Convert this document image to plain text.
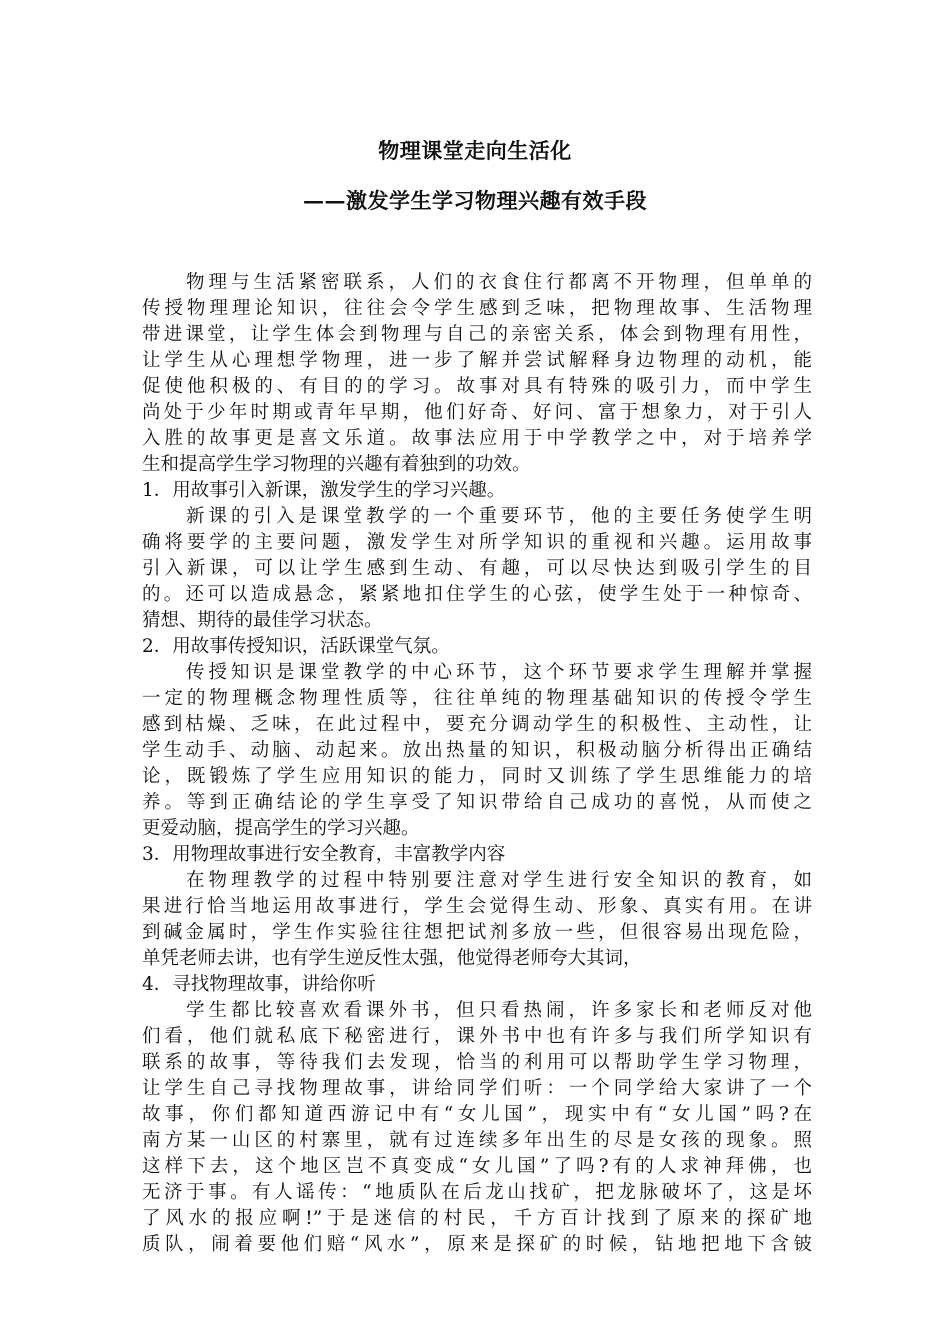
物理课堂走向生活化
——激发学生学习物理兴趣有效手段
物理与生活紧密联系，人们的衣食住行都离不开物理，但单单的
传授物理理论知识，往往会令学生感到乏味，把物理故事、生活物理
带进课堂，让学生体会到物理与自己的亲密关系，体会到物理有用性，
让学生从心理想学物理，进一步了解并尝试解释身边物理的动机，能
促使他积极的、有目的的学习。故事对具有特殊的吸引力，而中学生
尚处于少年时期或青年早期，他们好奇、好问、富于想象力，对于引人
入胜的故事更是喜文乐道。故事法应用于中学教学之中，对于培养学
生和提高学生学习物理的兴趣有着独到的功效。
1．用故事引入新课，激发学生的学习兴趣。
新课的引入是课堂教学的一个重要环节，他的主要任务使学生明
确将要学的主要问题，激发学生对所学知识的重视和兴趣。运用故事
引入新课，可以让学生感到生动、有趣，可以尽快达到吸引学生的目
的。还可以造成悬念，紧紧地扣住学生的心弦，使学生处于一种惊奇、
猜想、期待的最佳学习状态。
2．用故事传授知识，活跃课堂气氛。
传授知识是课堂教学的中心环节，这个环节要求学生理解并掌握
一定的物理概念物理性质等，往往单纯的物理基础知识的传授令学生
感到枯燥、乏味，在此过程中，要充分调动学生的积极性、主动性，让
学生动手、动脑、动起来。放出热量的知识，积极动脑分析得出正确结
论，既锻炼了学生应用知识的能力，同时又训练了学生思维能力的培
养。等到正确结论的学生享受了知识带给自己成功的喜悦，从而使之
更爱动脑，提高学生的学习兴趣。
3．用物理故事进行安全教育，丰富教学内容
在物理教学的过程中特别要注意对学生进行安全知识的教育，如
果进行恰当地运用故事进行，学生会觉得生动、形象、真实有用。在讲
到碱金属时，学生作实验往往想把试剂多放一些，但很容易出现危险，
单凭老师去讲，也有学生逆反性太强，他觉得老师夸大其词，
4．寻找物理故事，讲给你听
学生都比较喜欢看课外书，但只看热闹，许多家长和老师反对他
们看，他们就私底下秘密进行，课外书中也有许多与我们所学知识有
联系的故事，等待我们去发现，恰当的利用可以帮助学生学习物理，
让学生自己寻找物理故事，讲给同学们听：一个同学给大家讲了一个
故事，你们都知道西游记中有“女儿国”，现实中有“女儿国”吗?在
南方某一山区的村寨里，就有过连续多年出生的尽是女孩的现象。照
这样下去，这个地区岂不真变成“女儿国”了吗?有的人求神拜佛，也
无济于事。有人谣传：“地质队在后龙山找矿，把龙脉破坏了，这是坏
了风水的报应啊!”于是迷信的村民，千方百计找到了原来的探矿地
质队，闹着要他们赔“风水”，原来是探矿的时候，钻地把地下含铍
